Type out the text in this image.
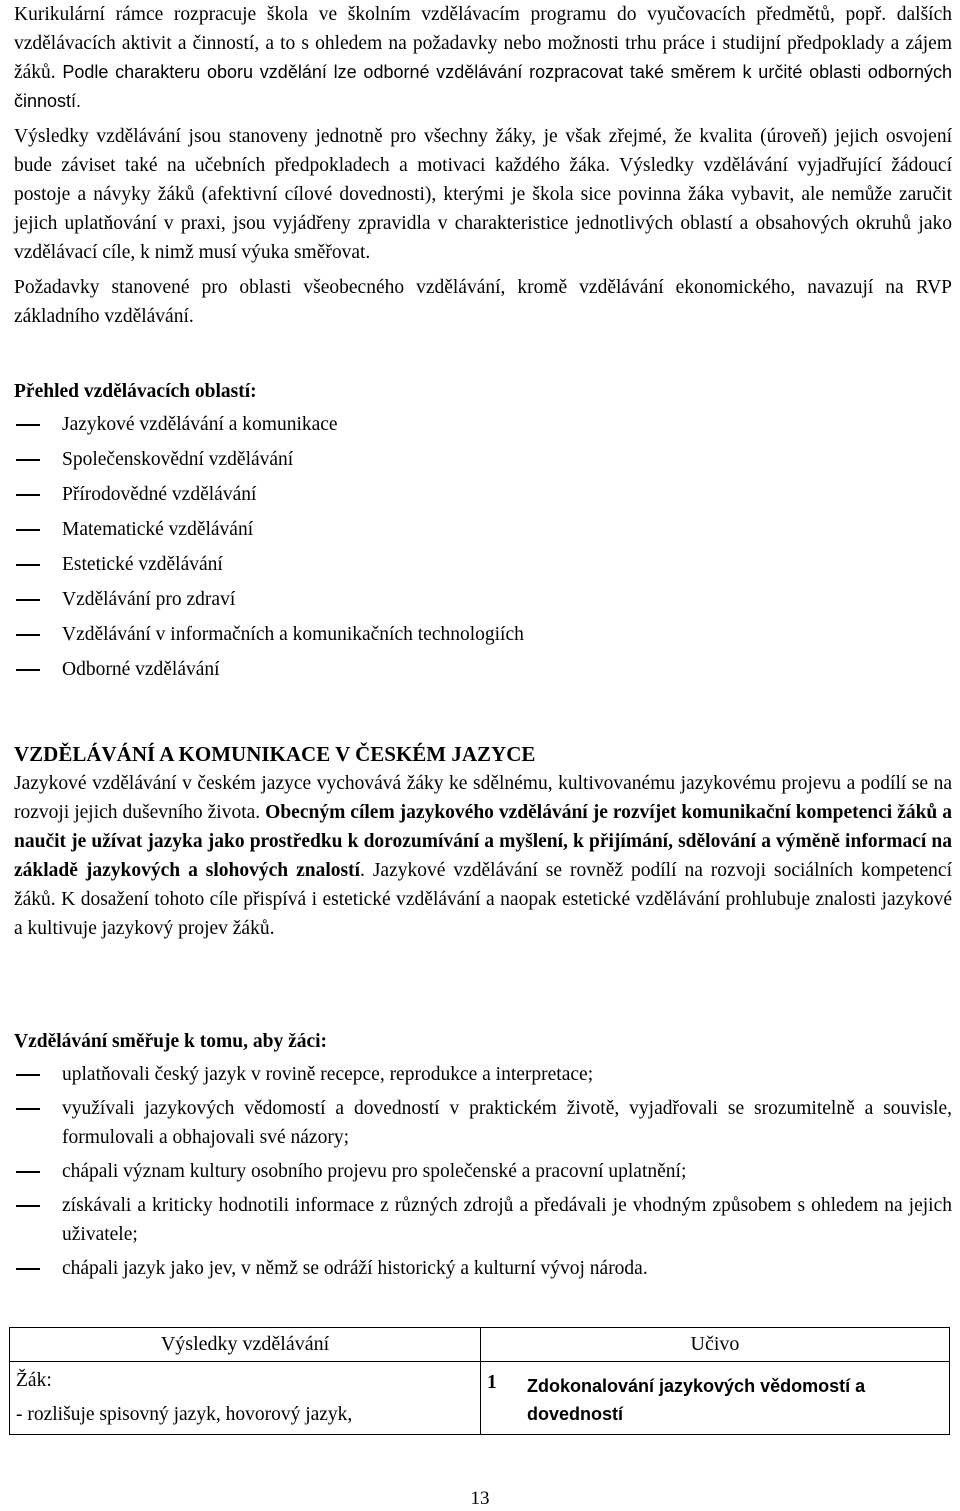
Kurikulární rámce rozpracuje škola ve školním vzdělávacím programu do vyučovacích předmětů, popř. dalších vzdělávacích aktivit a činností, a to s ohledem na požadavky nebo možnosti trhu práce i studijní předpoklady a zájem žáků. Podle charakteru oboru vzdělání lze odborné vzdělávání rozpracovat také směrem k určité oblasti odborných činností.

Výsledky vzdělávání jsou stanoveny jednotně pro všechny žáky, je však zřejmé, že kvalita (úroveň) jejich osvojení bude záviset také na učebních předpokladech a motivaci každého žáka. Výsledky vzdělávání vyjadřující žádoucí postoje a návyky žáků (afektivní cílové dovednosti), kterými je škola sice povinna žáka vybavit, ale nemůže zaručit jejich uplatňování v praxi, jsou vyjádřeny zpravidla v charakteristice jednotlivých oblastí a obsahových okruhů jako vzdělávací cíle, k nimž musí výuka směřovat.

Požadavky stanovené pro oblasti všeobecného vzdělávání, kromě vzdělávání ekonomického, navazují na RVP základního vzdělávání.

Přehled vzdělávacích oblastí:

Jazykové vzdělávání a komunikace
Společenskovědní vzdělávání
Přírodovědné vzdělávání
Matematické vzdělávání
Estetické vzdělávání
Vzdělávání pro zdraví
Vzdělávání v informačních a komunikačních technologiích
Odborné vzdělávání

VZDĚLÁVÁNÍ A KOMUNIKACE V ČESKÉM JAZYCE

Jazykové vzdělávání v českém jazyce vychovává žáky ke sdělnému, kultivovanému jazykovému projevu a podílí se na rozvoji jejich duševního života. Obecným cílem jazykového vzdělávání je rozvíjet komunikační kompetenci žáků a naučit je užívat jazyka jako prostředku k dorozumívání a myšlení, k přijímání, sdělování a výměně informací na základě jazykových a slohových znalostí. Jazykové vzdělávání se rovněž podílí na rozvoji sociálních kompetencí žáků. K dosažení tohoto cíle přispívá i estetické vzdělávání a naopak estetické vzdělávání prohlubuje znalosti jazykové a kultivuje jazykový projev žáků.

Vzdělávání směřuje k tomu, aby žáci:

uplatňovali český jazyk v rovině recepce, reprodukce a interpretace;
využívali jazykových vědomostí a dovedností v praktickém životě, vyjadřovali se srozumitelně a souvisle, formulovali a obhajovali své názory;
chápali význam kultury osobního projevu pro společenské a pracovní uplatnění;
získávali a kriticky hodnotili informace z různých zdrojů a předávali je vhodným způsobem s ohledem na jejich uživatele;
chápali jazyk jako jev, v němž se odráží historický a kulturní vývoj národa.
Výsledky vzdělávání	Učivo

Žák:
- rozlišuje spisovný jazyk, hovorový jazyk,	1 Zdokonalování jazykových vědomostí a dovedností
13
